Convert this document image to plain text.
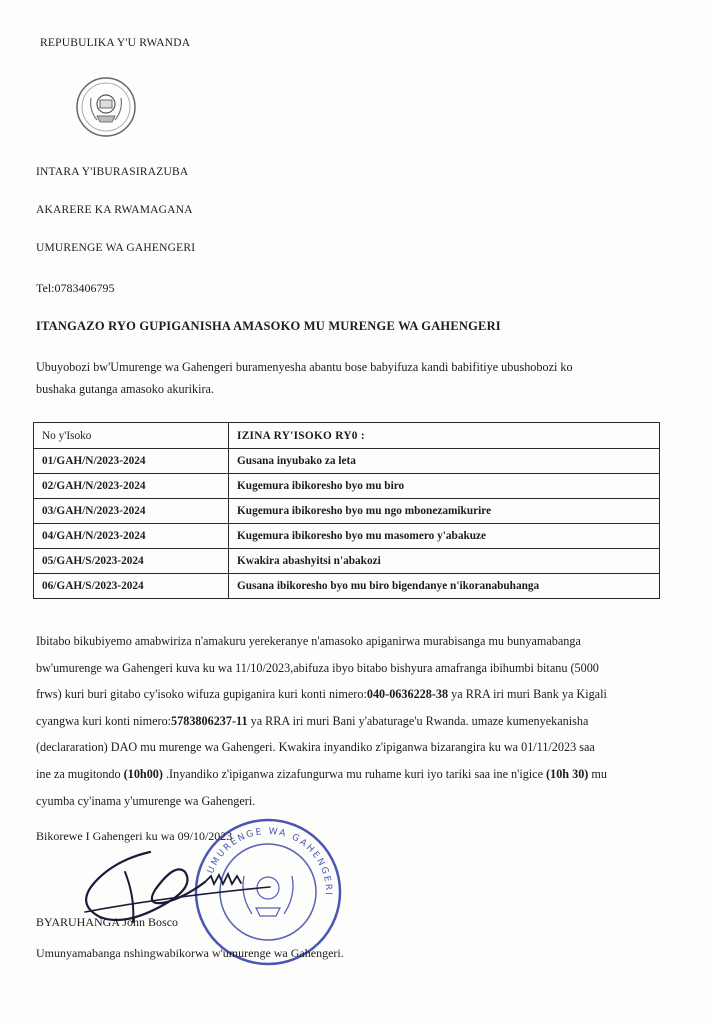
REPUBULIKA Y'U RWANDA
INTARA Y'IBURASIRAZUBA
AKARERE KA RWAMAGANA
UMURENGE WA GAHENGERI
Tel:0783406795
ITANGAZO RYO GUPIGANISHA AMASOKO MU MURENGE WA GAHENGERI

Ubuyobozi bw'Umurenge wa Gahengeri buramenyesha abantu bose babyifuza kandi babifitiye ubushobozi ko

bushaka gutanga amasoko akurikira.

No y'Isoko	IZINA RY'ISOKO RY0 :
01/GAH/N/2023-2024	Gusana inyubako za leta
02/GAH/N/2023-2024	Kugemura ibikoresho byo mu biro
03/GAH/N/2023-2024	Kugemura ibikoresho byo mu ngo mbonezamikurire
04/GAH/N/2023-2024	Kugemura ibikoresho byo mu masomero y'abakuze
05/GAH/S/2023-2024	Kwakira abashyitsi n'abakozi
06/GAH/S/2023-2024	Gusana ibikoresho byo mu biro bigendanye n'ikoranabuhanga

Ibitabo bikubiyemo amabwiriza n'amakuru yerekeranye n'amasoko apiganirwa murabisanga mu bunyamabanga

bw'umurenge wa Gahengeri kuva ku wa 11/10/2023,abifuza ibyo bitabo bishyura amafranga ibihumbi bitanu (5000

frws) kuri buri gitabo cy'isoko wifuza gupiganira kuri konti nimero:040-0636228-38 ya RRA iri muri Bank ya Kigali

cyangwa kuri konti nimero:5783806237-11 ya RRA iri muri Bani y'abaturage'u Rwanda. umaze kumenyekanisha

(declararation) DAO mu murenge wa Gahengeri. Kwakira inyandiko z'ipiganwa bizarangira ku wa 01/11/2023 saa

ine za mugitondo (10h00) .Inyandiko z'ipiganwa zizafungurwa mu ruhame kuri iyo tariki saa ine n'igice (10h 30) mu

cyumba cy'inama y'umurenge wa Gahengeri.

Bikorewe I Gahengeri ku wa 09/10/2023
UMURENGE WA GAHENGERI
BYARUHANGA John Bosco
Umunyamabanga nshingwabikorwa w'umurenge wa Gahengeri.
